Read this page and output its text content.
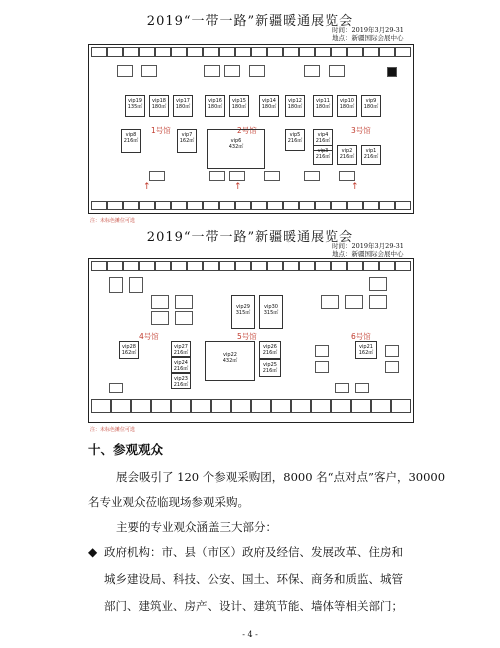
2019“一带一路”新疆暖通展览会
时间：2019年3月29-31
地点：新疆国际会展中心
vip19
135㎡
vip18
180㎡
vip17
180㎡
vip16
180㎡
vip15
180㎡
vip14
180㎡
vip12
180㎡
vip11
180㎡
vip10
180㎡
vip9
180㎡
1号馆	2号馆	3号馆
vip8
216㎡
vip7
162㎡	vip6
432㎡
vip5
216㎡
vip4
216㎡
vip3
216㎡
vip2
216㎡
vip1
216㎡
↑	↑	↑
注：未标色摊位可选
2019“一带一路”新疆暖通展览会
时间：2019年3月29-31
地点：新疆国际会展中心
vip29
315㎡
vip30
315㎡
4号馆	5号馆	6号馆
vip28
162㎡
vip27
216㎡
vip24
216㎡
vip23
216㎡
vip22
432㎡
vip26
216㎡
vip25
216㎡
vip21
162㎡
注：未标色摊位可选
十、参观观众
展会吸引了 120 个参观采购团，8000 名“点对点”客户，30000
名专业观众莅临现场参观采购。
主要的专业观众涵盖三大部分：
◆ 政府机构：市、县（市区）政府及经信、发展改革、住房和
城乡建设局、科技、公安、国土、环保、商务和质监、城管
部门、建筑业、房产、设计、建筑节能、墙体等相关部门；
- 4 -
